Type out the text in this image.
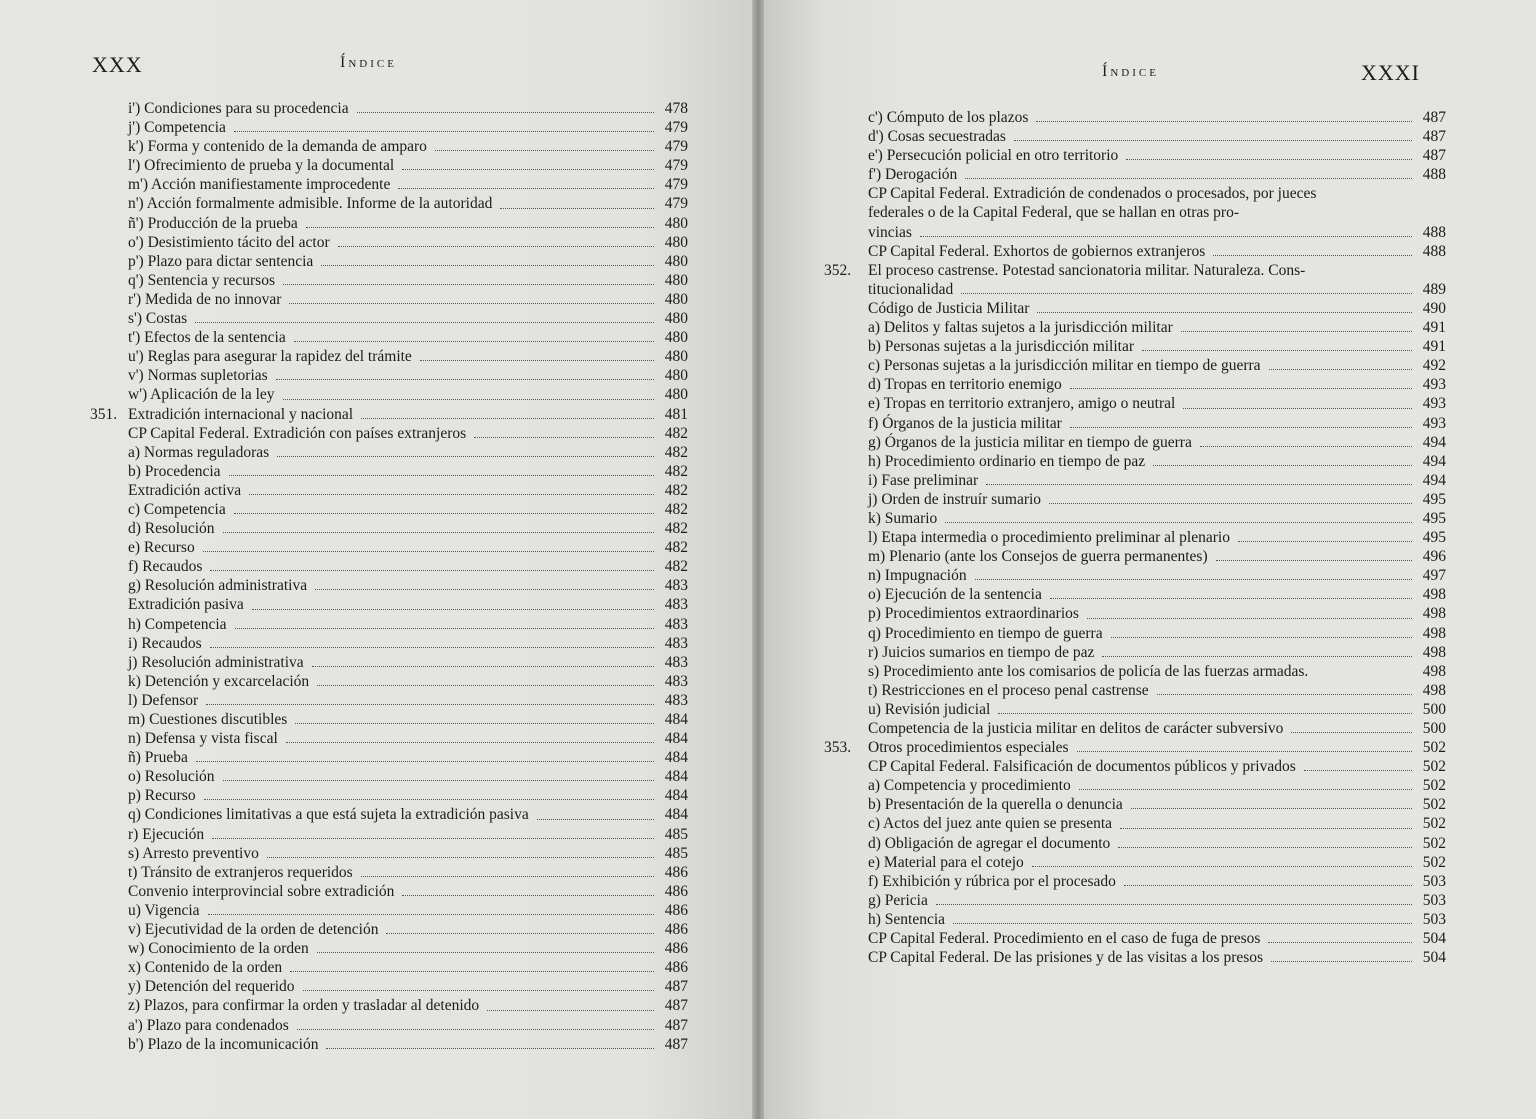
XXX	Índice
i') Condiciones para su procedencia	478
j') Competencia	479
k') Forma y contenido de la demanda de amparo	479
l') Ofrecimiento de prueba y la documental	479
m') Acción manifiestamente improcedente	479
n') Acción formalmente admisible. Informe de la autoridad	479
ñ') Producción de la prueba	480
o') Desistimiento tácito del actor	480
p') Plazo para dictar sentencia	480
q') Sentencia y recursos	480
r') Medida de no innovar	480
s') Costas	480
t') Efectos de la sentencia	480
u') Reglas para asegurar la rapidez del trámite	480
v') Normas supletorias	480
w') Aplicación de la ley	480
351. Extradición internacional y nacional	481
CP Capital Federal. Extradición con países extranjeros	482
a) Normas reguladoras	482
b) Procedencia	482
Extradición activa	482
c) Competencia	482
d) Resolución	482
e) Recurso	482
f) Recaudos	482
g) Resolución administrativa	483
Extradición pasiva	483
h) Competencia	483
i) Recaudos	483
j) Resolución administrativa	483
k) Detención y excarcelación	483
l) Defensor	483
m) Cuestiones discutibles	484
n) Defensa y vista fiscal	484
ñ) Prueba	484
o) Resolución	484
p) Recurso	484
q) Condiciones limitativas a que está sujeta la extradición pasiva	484
r) Ejecución	485
s) Arresto preventivo	485
t) Tránsito de extranjeros requeridos	486
Convenio interprovincial sobre extradición	486
u) Vigencia	486
v) Ejecutividad de la orden de detención	486
w) Conocimiento de la orden	486
x) Contenido de la orden	486
y) Detención del requerido	487
z) Plazos, para confirmar la orden y trasladar al detenido	487
a') Plazo para condenados	487
b') Plazo de la incomunicación	487
Índice	XXXI
c') Cómputo de los plazos	487
d') Cosas secuestradas	487
e') Persecución policial en otro territorio	487
f') Derogación	488
CP Capital Federal. Extradición de condenados o procesados, por jueces
federales o de la Capital Federal, que se hallan en otras pro-
vincias	488
CP Capital Federal. Exhortos de gobiernos extranjeros	488
352. El proceso castrense. Potestad sancionatoria militar. Naturaleza. Cons-
titucionalidad	489
Código de Justicia Militar	490
a) Delitos y faltas sujetos a la jurisdicción militar	491
b) Personas sujetas a la jurisdicción militar	491
c) Personas sujetas a la jurisdicción militar en tiempo de guerra	492
d) Tropas en territorio enemigo	493
e) Tropas en territorio extranjero, amigo o neutral	493
f) Órganos de la justicia militar	493
g) Órganos de la justicia militar en tiempo de guerra	494
h) Procedimiento ordinario en tiempo de paz	494
i) Fase preliminar	494
j) Orden de instruír sumario	495
k) Sumario	495
l) Etapa intermedia o procedimiento preliminar al plenario	495
m) Plenario (ante los Consejos de guerra permanentes)	496
n) Impugnación	497
o) Ejecución de la sentencia	498
p) Procedimientos extraordinarios	498
q) Procedimiento en tiempo de guerra	498
r) Juicios sumarios en tiempo de paz	498
s) Procedimiento ante los comisarios de policía de las fuerzas armadas.	498
t) Restricciones en el proceso penal castrense	498
u) Revisión judicial	500
Competencia de la justicia militar en delitos de carácter subversivo	500
353. Otros procedimientos especiales	502
CP Capital Federal. Falsificación de documentos públicos y privados	502
a) Competencia y procedimiento	502
b) Presentación de la querella o denuncia	502
c) Actos del juez ante quien se presenta	502
d) Obligación de agregar el documento	502
e) Material para el cotejo	502
f) Exhibición y rúbrica por el procesado	503
g) Pericia	503
h) Sentencia	503
CP Capital Federal. Procedimiento en el caso de fuga de presos	504
CP Capital Federal. De las prisiones y de las visitas a los presos	504
